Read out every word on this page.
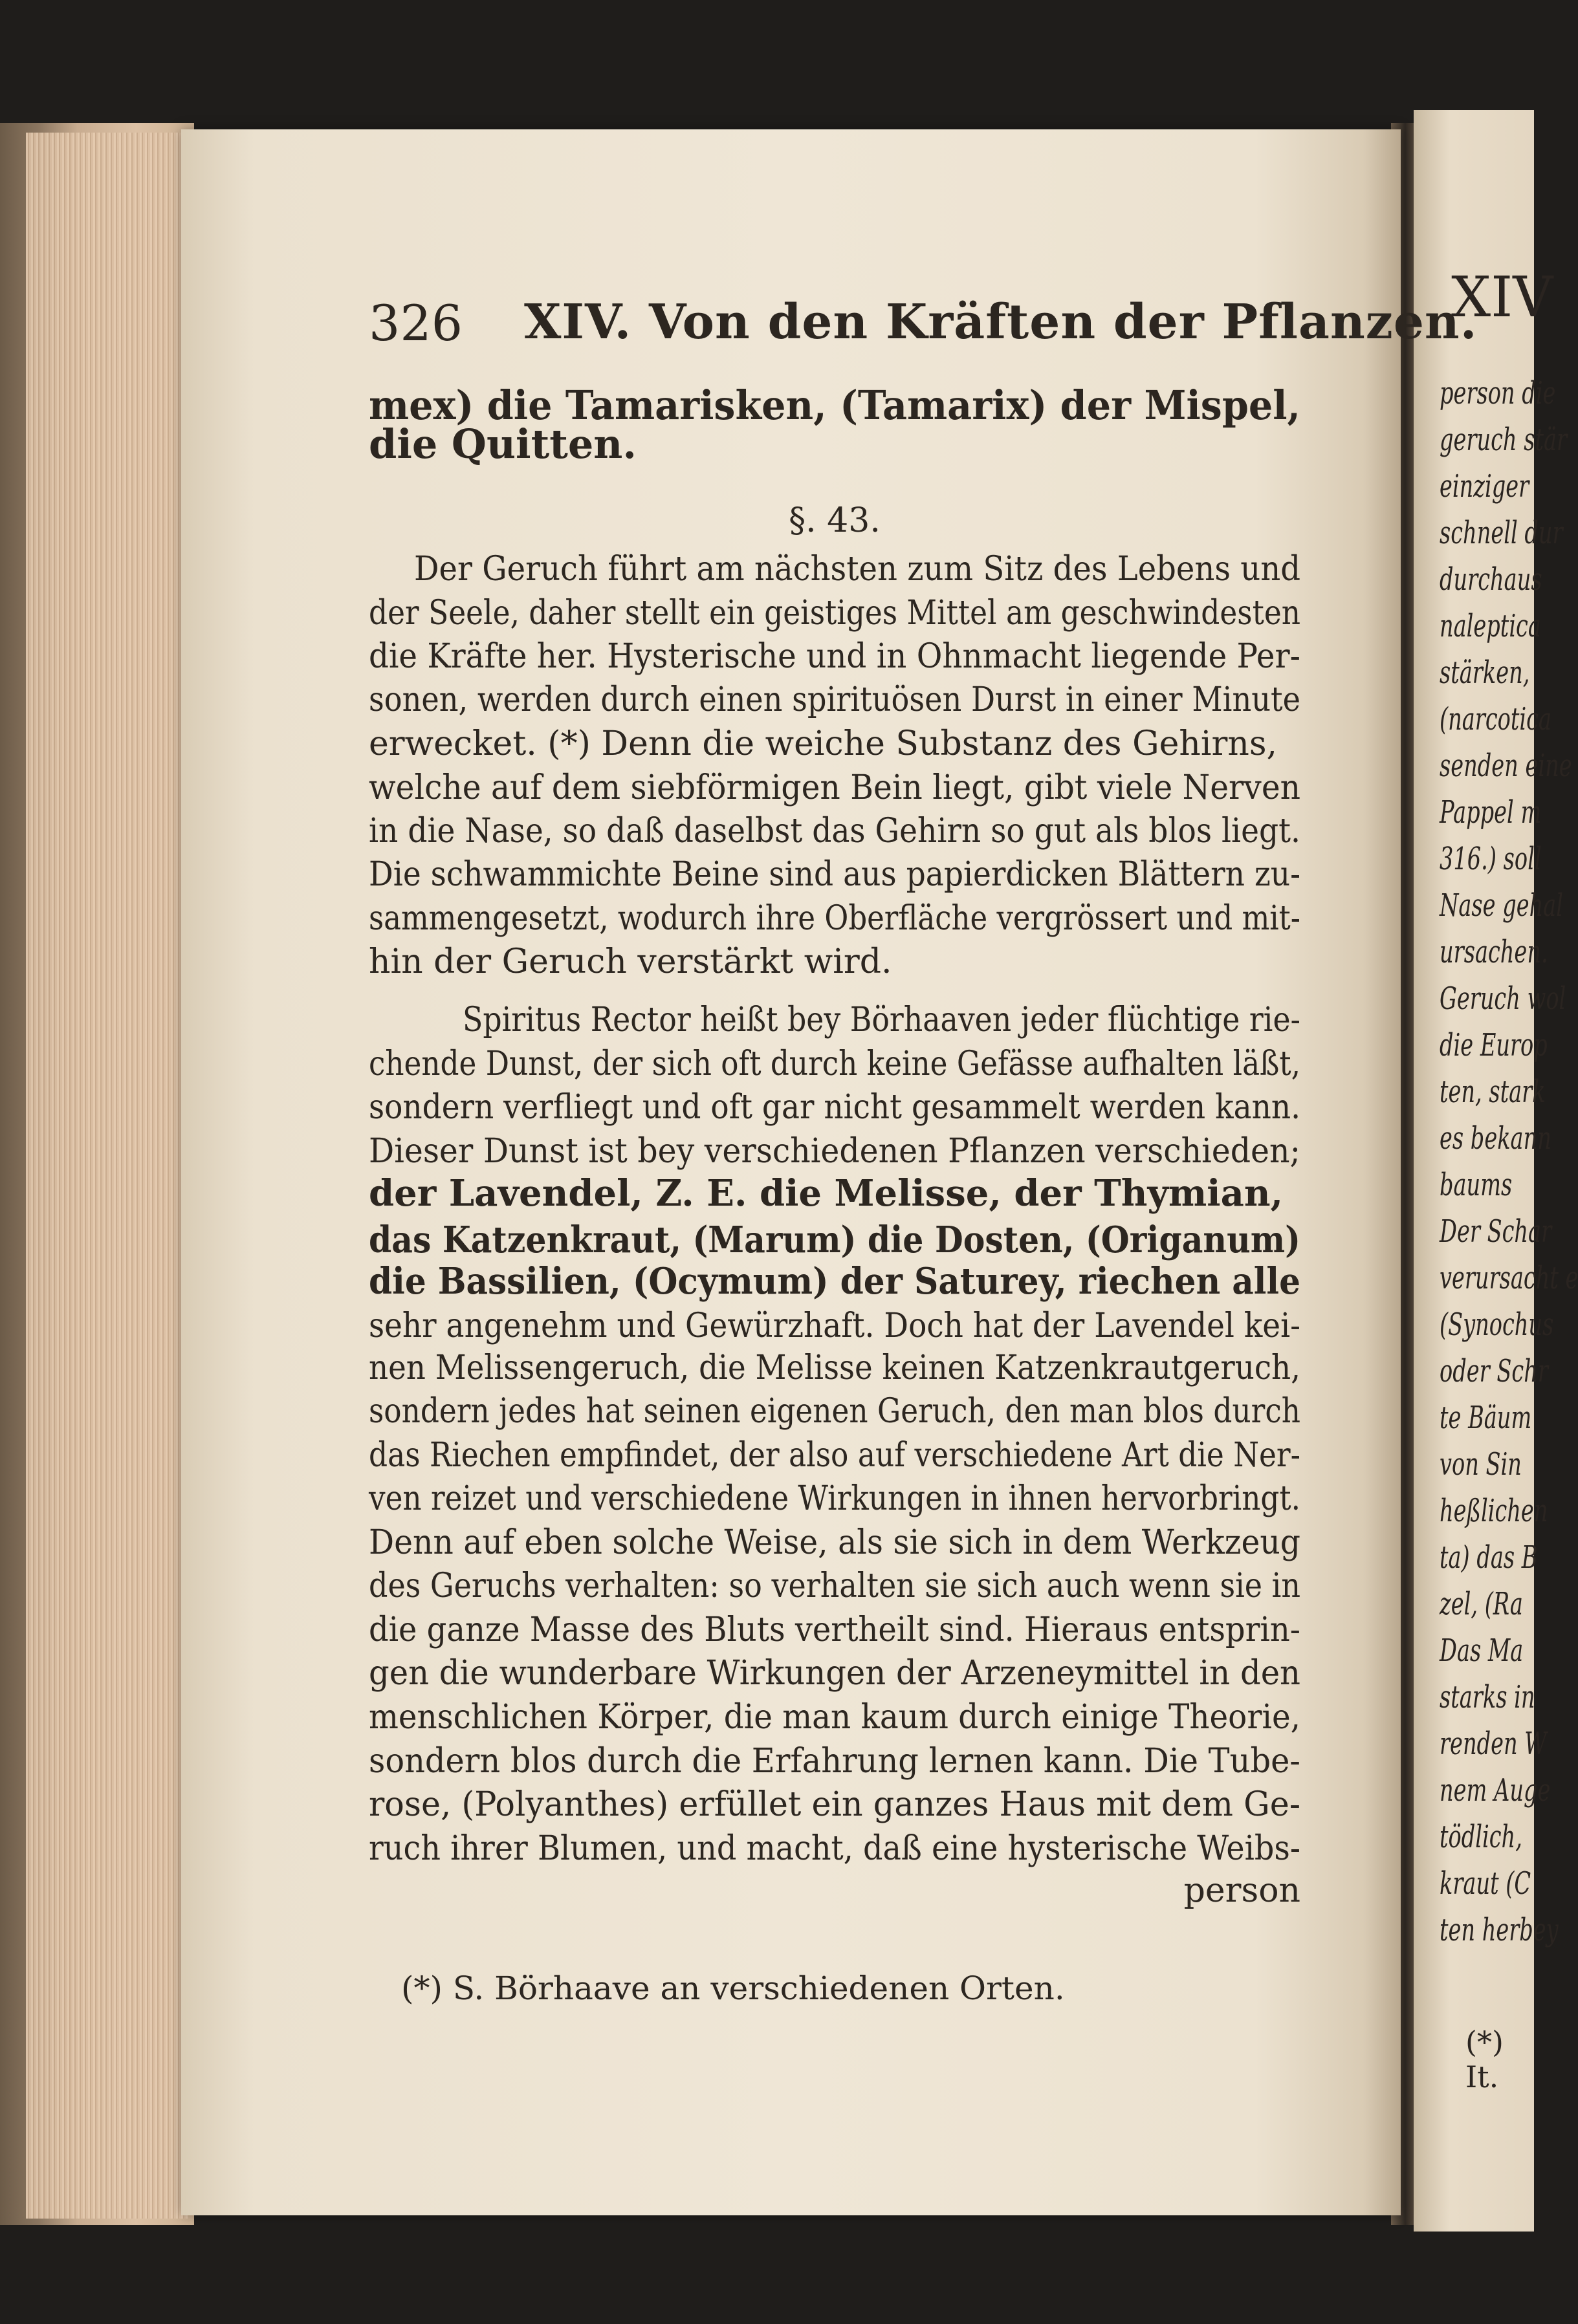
XIV
person die
geruch stär
einziger
schnell dur
durchaus
naleptica
stärken,
(narcotica
senden eine
Pappel m
316.) soll
Nase gehal
ursachen.
Geruch wol
die Europ
ten, stark
es bekann
baums
Der Schar
verursacht e
(Synochus
oder Schr
te Bäum
von Sin
heßlichen
ta) das B
zel, (Ra
Das Ma
starks in
renden W
nem Auge
tödlich,
kraut (C
ten herbey
(*) It.
326 XIV. Von den Kräften der Pflanzen.
mex) die Tamarisken, (Tamarix) der Mispel,
die Quitten.
§. 43.
Der Geruch führt am nächsten zum Sitz des Lebens und
der Seele, daher stellt ein geistiges Mittel am geschwindesten
die Kräfte her. Hysterische und in Ohnmacht liegende Per-
sonen, werden durch einen spirituösen Durst in einer Minute
erwecket. (*) Denn die weiche Substanz des Gehirns,
welche auf dem siebförmigen Bein liegt, gibt viele Nerven
in die Nase, so daß daselbst das Gehirn so gut als blos liegt.
Die schwammichte Beine sind aus papierdicken Blättern zu-
sammengesetzt, wodurch ihre Oberfläche vergrössert und mit-
hin der Geruch verstärkt wird.
Spiritus Rector heißt bey Börhaaven jeder flüchtige rie-
chende Dunst, der sich oft durch keine Gefässe aufhalten läßt,
sondern verfliegt und oft gar nicht gesammelt werden kann.
Dieser Dunst ist bey verschiedenen Pflanzen verschieden;
der Lavendel, Z. E. die Melisse, der Thymian,
das Katzenkraut, (Marum) die Dosten, (Origanum)
die Bassilien, (Ocymum) der Saturey, riechen alle
sehr angenehm und Gewürzhaft. Doch hat der Lavendel kei-
nen Melissengeruch, die Melisse keinen Katzenkrautgeruch,
sondern jedes hat seinen eigenen Geruch, den man blos durch
das Riechen empfindet, der also auf verschiedene Art die Ner-
ven reizet und verschiedene Wirkungen in ihnen hervorbringt.
Denn auf eben solche Weise, als sie sich in dem Werkzeug
des Geruchs verhalten: so verhalten sie sich auch wenn sie in
die ganze Masse des Bluts vertheilt sind. Hieraus entsprin-
gen die wunderbare Wirkungen der Arzeneymittel in den
menschlichen Körper, die man kaum durch einige Theorie,
sondern blos durch die Erfahrung lernen kann. Die Tube-
rose, (Polyanthes) erfüllet ein ganzes Haus mit dem Ge-
ruch ihrer Blumen, und macht, daß eine hysterische Weibs-
person
(*) S. Börhaave an verschiedenen Orten.
